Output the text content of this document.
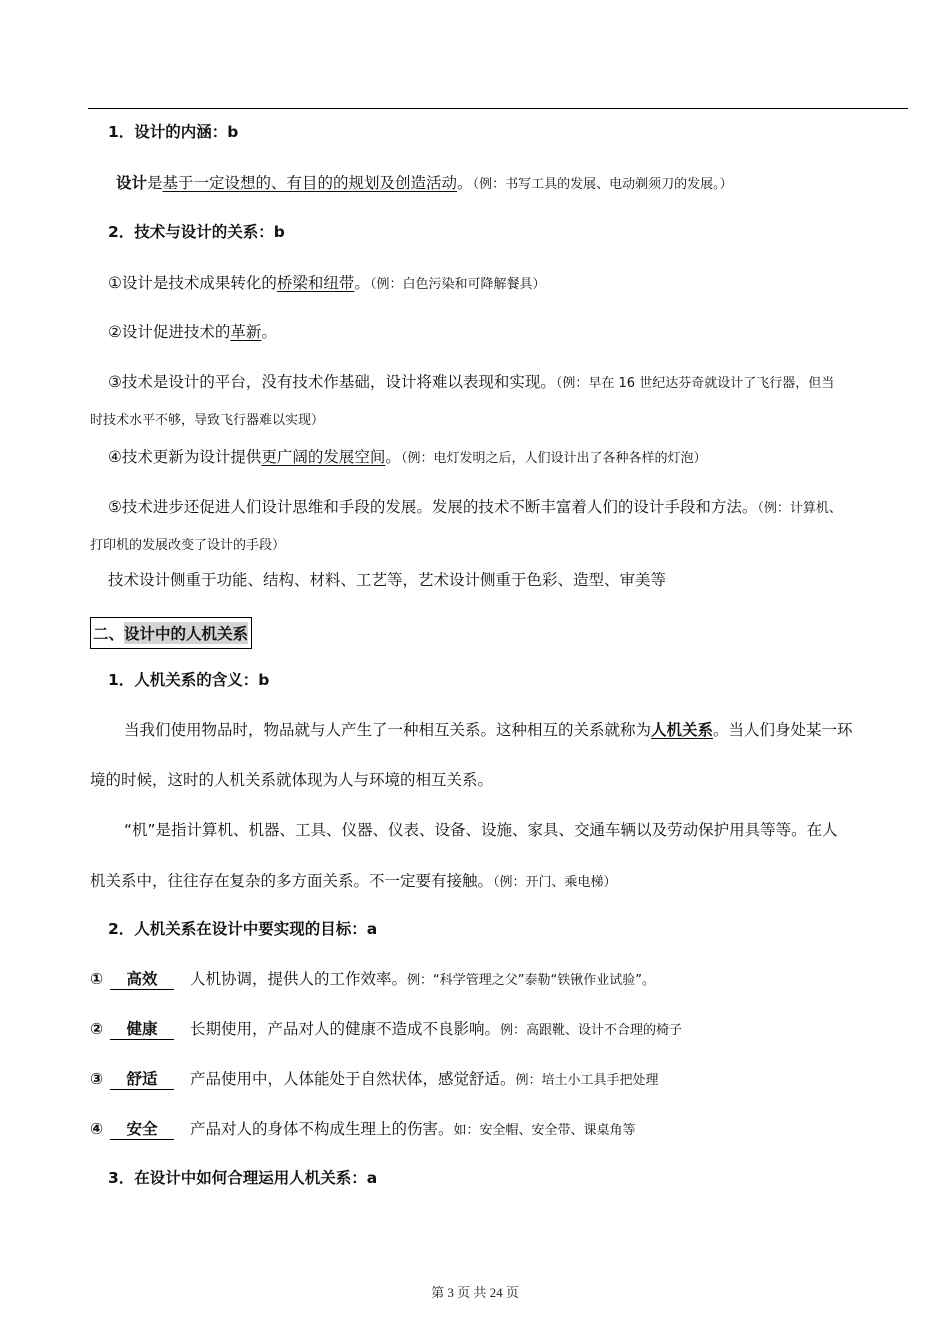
1．设计的内涵：b
设计是基于一定设想的、有目的的规划及创造活动。（例：书写工具的发展、电动剃须刀的发展。）
2．技术与设计的关系：b
①设计是技术成果转化的桥梁和纽带。（例：白色污染和可降解餐具）
②设计促进技术的革新。
③技术是设计的平台，没有技术作基础，设计将难以表现和实现。（例：早在 16 世纪达芬奇就设计了飞行器，但当
时技术水平不够，导致飞行器难以实现）
④技术更新为设计提供更广阔的发展空间。（例：电灯发明之后，人们设计出了各种各样的灯泡）
⑤技术进步还促进人们设计思维和手段的发展。发展的技术不断丰富着人们的设计手段和方法。（例：计算机、
打印机的发展改变了设计的手段）
技术设计侧重于功能、结构、材料、工艺等，艺术设计侧重于色彩、造型、审美等
二、 设计中的人机关系
1．人机关系的含义：b
当我们使用物品时，物品就与人产生了一种相互关系。这种相互的关系就称为人机关系。当人们身处某一环
境的时候，这时的人机关系就体现为人与环境的相互关系。
“机”是指计算机、机器、工具、仪器、仪表、设备、设施、家具、交通车辆以及劳动保护用具等等。在人
机关系中，往往存在复杂的多方面关系。不一定要有接触。（例：开门、乘电梯）
2．人机关系在设计中要实现的目标：a
① 高效 人机协调，提供人的工作效率。例：“科学管理之父”泰勒“铁锹作业试验”。
② 健康 长期使用，产品对人的健康不造成不良影响。例：高跟靴、设计不合理的椅子
③ 舒适 产品使用中，人体能处于自然状体，感觉舒适。例：培土小工具手把处理
④ 安全 产品对人的身体不构成生理上的伤害。如：安全帽、安全带、课桌角等
3．在设计中如何合理运用人机关系：a
第 3 页 共 24 页
